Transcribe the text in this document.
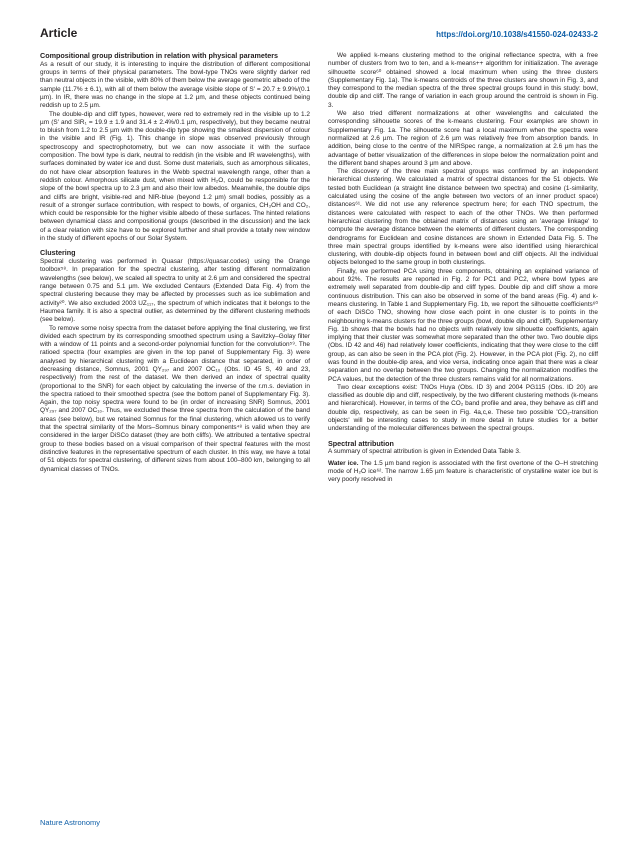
Article	https://doi.org/10.1038/s41550-024-02433-2
Compositional group distribution in relation with physical parameters

As a result of our study, it is interesting to inquire the distribution of different compositional groups in terms of their physical parameters. The bowl-type TNOs were slightly darker red than neutral objects in the visible, with 80% of them below the average geometric albedo of the sample (11.7% ± 6.1), with all of them below the average visible slope of S′ = 20.7 ± 9.9%/(0.1 µm). In IR, there was no change in the slope at 1.2 µm, and these objects continued being reddish up to 2.5 µm.

The double-dip and cliff types, however, were red to extremely red in the visible up to 1.2 µm (S′ and SIR₁ = 19.9 ± 1.9 and 31.4 ± 2.4%/0.1 µm, respectively), but they became neutral to bluish from 1.2 to 2.5 µm with the double-dip type showing the smallest dispersion of colour in the visible and IR (Fig. 1). This change in slope was observed previously through spectroscopy and spectrophotometry, but we can now associate it with the surface composition. The bowl type is dark, neutral to reddish (in the visible and IR wavelengths), with surfaces dominated by water ice and dust. Some dust materials, such as amorphous silicates, do not have clear absorption features in the Webb spectral wavelength range, other than a reddish colour. Amorphous silicate dust, when mixed with H₂O, could be responsible for the slope of the bowl spectra up to 2.3 µm and also their low albedos. Meanwhile, the double dips and cliffs are bright, visible-red and NIR-blue (beyond 1.2 µm) small bodies, possibly as a result of a stronger surface contribution, with respect to bowls, of organics, CH₃OH and CO₂, which could be responsible for the higher visible albedo of these surfaces. The hinted relations between dynamical class and compositional groups (described in the discussion) and the lack of a clear relation with size have to be explored further and shall provide a totally new window in the study of different epochs of our Solar System.

Clustering

Spectral clustering was performed in Quasar (https://quasar.codes) using the Orange toolbox⁵⁸. In preparation for the spectral clustering, after testing different normalization wavelengths (see below), we scaled all spectra to unity at 2.6 µm and considered the spectral range between 0.75 and 5.1 µm. We excluded Centaurs (Extended Data Fig. 4) from the spectral clustering because they may be affected by processes such as ice sublimation and activity²⁰. We also excluded 2003 UZ₁₁₇, the spectrum of which indicates that it belongs to the Haumea family. It is also a spectral outlier, as determined by the different clustering methods (see below).

To remove some noisy spectra from the dataset before applying the final clustering, we first divided each spectrum by its corresponding smoothed spectrum using a Savitzky–Golay filter with a window of 11 points and a second-order polynomial function for the convolution⁵⁹. The ratioed spectra (four examples are given in the top panel of Supplementary Fig. 3) were analysed by hierarchical clustering with a Euclidean distance that separated, in order of decreasing distance, Somnus, 2001 QY₂₉₇ and 2007 OC₁₀ (Obs. ID 45 S, 49 and 23, respectively) from the rest of the dataset. We then derived an index of spectral quality (proportional to the SNR) for each object by calculating the inverse of the r.m.s. deviation in the spectra ratioed to their smoothed spectra (see the bottom panel of Supplementary Fig. 3). Again, the top noisy spectra were found to be (in order of increasing SNR) Somnus, 2001 QY₂₉₇ and 2007 OC₁₀. Thus, we excluded these three spectra from the calculation of the band areas (see below), but we retained Somnus for the final clustering, which allowed us to verify that the spectral similarity of the Mors–Somnus binary components⁴⁸ is valid when they are considered in the larger DiSCo dataset (they are both cliffs). We attributed a tentative spectral group to these bodies based on a visual comparison of their spectral features with the most distinctive features in the representative spectrum of each cluster. In this way, we have a total of 51 objects for spectral clustering, of different sizes from about 100–800 km, belonging to all dynamical classes of TNOs.

We applied k-means clustering method to the original reflectance spectra, with a free number of clusters from two to ten, and a k-means++ algorithm for initialization. The average silhouette score⁶⁰ obtained showed a local maximum when using the three clusters (Supplementary Fig. 1a). The k-means centroids of the three clusters are shown in Fig. 3, and they correspond to the median spectra of the three spectral groups found in this study: bowl, double dip and cliff. The range of variation in each group around the centroid is shown in Fig. 3.

We also tried different normalizations at other wavelengths and calculated the corresponding silhouette scores of the k-means clustering. Four examples are shown in Supplementary Fig. 1a. The silhouette score had a local maximum when the spectra were normalized at 2.6 µm. The region of 2.6 µm was relatively free from absorption bands. In addition, being close to the centre of the NIRSpec range, a normalization at 2.6 µm has the advantage of better visualization of the differences in slope below the normalization point and the different band shapes around 3 µm and above.

The discovery of the three main spectral groups was confirmed by an independent hierarchical clustering. We calculated a matrix of spectral distances for the 51 objects. We tested both Euclidean (a straight line distance between two spectra) and cosine (1-similarity, calculated using the cosine of the angle between two vectors of an inner product space) distances⁶¹. We did not use any reference spectrum here; for each TNO spectrum, the distances were calculated with respect to each of the other TNOs. We then performed hierarchical clustering from the obtained matrix of distances using an 'average linkage' to compute the average distance between the elements of different clusters. The corresponding dendrograms for Euclidean and cosine distances are shown in Extended Data Fig. 5. The three main spectral groups identified by k-means were also identified using hierarchical clustering, with double-dip objects found in between bowl and cliff objects. All the individual objects belonged to the same group in both clusterings.

Finally, we performed PCA using three components, obtaining an explained variance of about 92%. The results are reported in Fig. 2 for PC1 and PC2, where bowl types are extremely well separated from double-dip and cliff types. Double dip and cliff show a more continuous distribution. This can also be observed in some of the band areas (Fig. 4) and k-means clustering. In Table 1 and Supplementary Fig. 1b, we report the silhouette coefficients⁶⁰ of each DiSCo TNO, showing how close each point in one cluster is to points in the neighbouring k-means clusters for the three groups (bowl, double dip and cliff). Supplementary Fig. 1b shows that the bowls had no objects with relatively low silhouette coefficients, again implying that their cluster was somewhat more separated than the other two. Two double dips (Obs. ID 42 and 46) had relatively lower coefficients, indicating that they were close to the cliff group, as can also be seen in the PCA plot (Fig. 2). However, in the PCA plot (Fig. 2), no cliff was found in the double-dip area, and vice versa, indicating once again that there was a clear separation and no overlap between the two groups. Changing the normalization modifies the PCA values, but the detection of the three clusters remains valid for all normalizations.

Two clear exceptions exist: TNOs Huya (Obs. ID 3) and 2004 PG115 (Obs. ID 20) are classified as double dip and cliff, respectively, by the two different clustering methods (k-means and hierarchical). However, in terms of the CO₂ band profile and area, they behave as cliff and double dip, respectively, as can be seen in Fig. 4a,c,e. These two possible 'CO₂-transition objects' will be interesting cases to study in more detail in future studies for a better understanding of the molecular differences between the spectral groups.

Spectral attribution

A summary of spectral attribution is given in Extended Data Table 3.

Water ice. The 1.5 µm band region is associated with the first overtone of the O–H stretching mode of H₂O ice⁶². The narrow 1.65 µm feature is characteristic of crystalline water ice but is very poorly resolved in

Nature Astronomy
